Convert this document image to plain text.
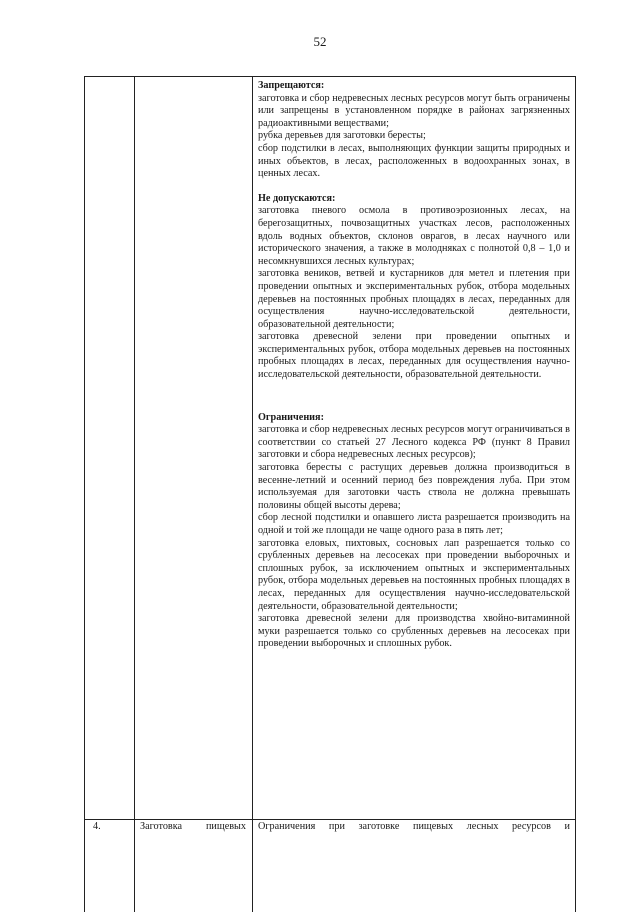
52

Запрещаются:

заготовка и сбор недревесных лесных ресурсов могут быть ограничены или запрещены в установленном порядке в районах загрязненных радиоактивными веществами;

рубка деревьев для заготовки бересты;

сбор подстилки в лесах, выполняющих функции защиты природных и иных объектов, в лесах, расположенных в водоохранных зонах, в ценных лесах.

Не допускаются:

заготовка пневого осмола в противоэрозионных лесах, на берегозащитных, почвозащитных участках лесов, расположенных вдоль водных объектов, склонов оврагов, в лесах научного или исторического значения, а также в молодняках с полнотой 0,8 – 1,0 и несомкнувшихся лесных культурах;

заготовка веников, ветвей и кустарников для метел и плетения при проведении опытных и экспериментальных рубок, отбора модельных деревьев на постоянных пробных площадях в лесах, переданных для осуществления научно-исследовательской деятельности, образовательной деятельности;

заготовка древесной зелени при проведении опытных и экспериментальных рубок, отбора модельных деревьев на постоянных пробных площадях в лесах, переданных для осуществления научно-исследовательской деятельности, образовательной деятельности.

Ограничения:

заготовка и сбор недревесных лесных ресурсов могут ограничиваться в соответствии со статьей 27 Лесного кодекса РФ (пункт 8 Правил заготовки и сбора недревесных лесных ресурсов);

заготовка бересты с растущих деревьев должна производиться в весенне-летний и осенний период без повреждения луба. При этом используемая для заготовки часть ствола не должна превышать половины общей высоты дерева;

сбор лесной подстилки и опавшего листа разрешается производить на одной и той же площади не чаще одного раза в пять лет;

заготовка еловых, пихтовых, сосновых лап разрешается только со срубленных деревьев на лесосеках при проведении выборочных и сплошных рубок, за исключением опытных и экспериментальных рубок, отбора модельных деревьев на постоянных пробных площадях в лесах, переданных для осуществления научно-исследовательской деятельности, образовательной деятельности;

заготовка древесной зелени для производства хвойно-витаминной муки разрешается только со срубленных деревьев на лесосеках при проведении выборочных и сплошных рубок.

4.	Заготовка пищевых Ограничения при заготовке пищевых лесных ресурсов и
